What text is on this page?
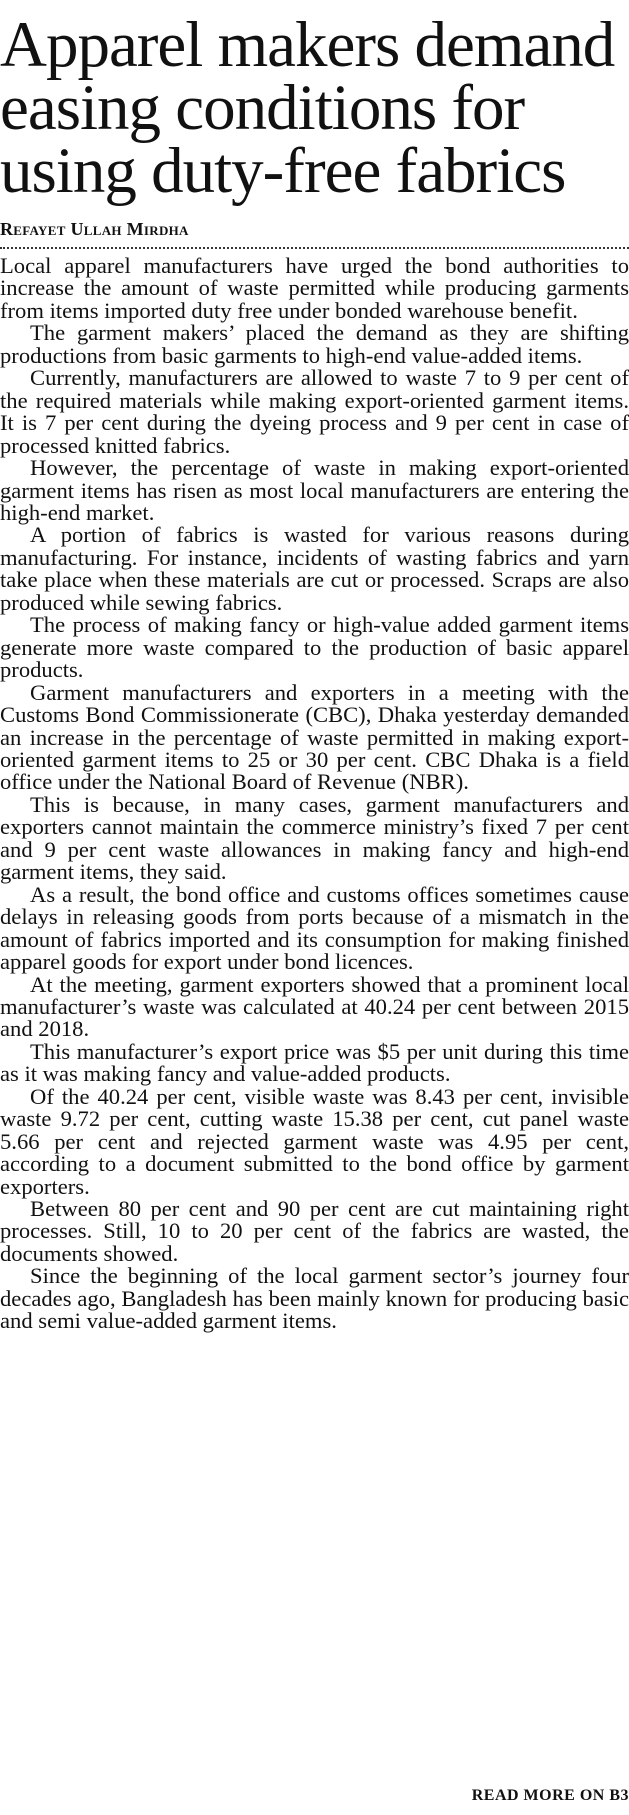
Apparel makers demand easing conditions for using duty-free fabrics
Refayet Ullah Mirdha

Local apparel manufacturers have urged the bond authorities to increase the amount of waste permitted while producing garments from items imported duty free under bonded warehouse benefit.

The garment makers’ placed the demand as they are shifting productions from basic garments to high-end value-added items.

Currently, manufacturers are allowed to waste 7 to 9 per cent of the required materials while making export-oriented garment items. It is 7 per cent during the dyeing process and 9 per cent in case of processed knitted fabrics.

However, the percentage of waste in making export-oriented garment items has risen as most local manufacturers are entering the high-end market.

A portion of fabrics is wasted for various reasons during manufacturing. For instance, incidents of wasting fabrics and yarn take place when these materials are cut or processed. Scraps are also produced while sewing fabrics.

The process of making fancy or high-value added garment items generate more waste compared to the production of basic apparel products.

Garment manufacturers and exporters in a meeting with the Customs Bond Commissionerate (CBC), Dhaka yesterday demanded an increase in the percentage of waste permitted in making export-oriented garment items to 25 or 30 per cent. CBC Dhaka is a field office under the National Board of Revenue (NBR).

This is because, in many cases, garment manufacturers and exporters cannot maintain the commerce ministry’s fixed 7 per cent and 9 per cent waste allowances in making fancy and high-end garment items, they said.

As a result, the bond office and customs offices sometimes cause delays in releasing goods from ports because of a mismatch in the amount of fabrics imported and its consumption for making finished apparel goods for export under bond licences.

At the meeting, garment exporters showed that a prominent local manufacturer’s waste was calculated at 40.24 per cent between 2015 and 2018.

This manufacturer’s export price was $5 per unit during this time as it was making fancy and value-added products.

Of the 40.24 per cent, visible waste was 8.43 per cent, invisible waste 9.72 per cent, cutting waste 15.38 per cent, cut panel waste 5.66 per cent and rejected garment waste was 4.95 per cent, according to a document submitted to the bond office by garment exporters.

Between 80 per cent and 90 per cent are cut maintaining right processes. Still, 10 to 20 per cent of the fabrics are wasted, the documents showed.

Since the beginning of the local garment sector’s journey four decades ago, Bangladesh has been mainly known for producing basic and semi value-added garment items.

READ MORE ON B3
